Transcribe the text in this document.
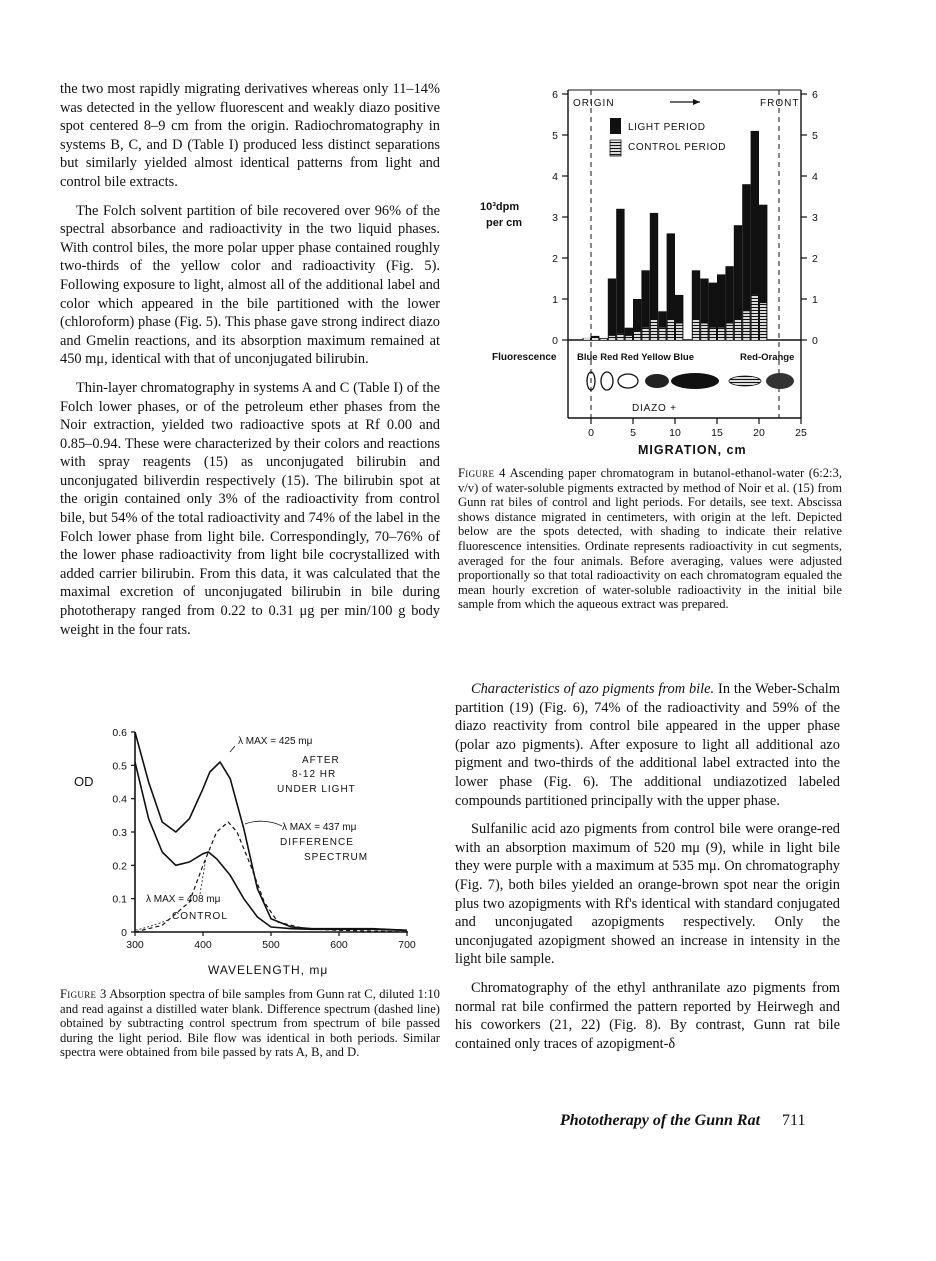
the two most rapidly migrating derivatives whereas only 11–14% was detected in the yellow fluorescent and weakly diazo positive spot centered 8–9 cm from the origin. Radiochromatography in systems B, C, and D (Table I) produced less distinct separations but similarly yielded almost identical patterns from light and control bile extracts.

The Folch solvent partition of bile recovered over 96% of the spectral absorbance and radioactivity in the two liquid phases. With control biles, the more polar upper phase contained roughly two-thirds of the yellow color and radioactivity (Fig. 5). Following exposure to light, almost all of the additional label and color which appeared in the bile partitioned with the lower (chloroform) phase (Fig. 5). This phase gave strong indirect diazo and Gmelin reactions, and its absorption maximum remained at 450 mμ, identical with that of unconjugated bilirubin.

Thin-layer chromatography in systems A and C (Table I) of the Folch lower phases, or of the petroleum ether phases from the Noir extraction, yielded two radioactive spots at Rf 0.00 and 0.85–0.94. These were characterized by their colors and reactions with spray reagents (15) as unconjugated bilirubin and unconjugated biliverdin respectively (15). The bilirubin spot at the origin contained only 3% of the radioactivity from control bile, but 54% of the total radioactivity and 74% of the label in the Folch lower phase from light bile. Correspondingly, 70–76% of the lower phase radioactivity from light bile cocrystallized with added carrier bilirubin. From this data, it was calculated that the maximal excretion of unconjugated bilirubin in bile during phototherapy ranged from 0.22 to 0.31 μg per min/100 g body weight in the four rats.

0
0.1
0.2
0.3
0.4
0.5
0.6
300	400	500	600	700
OD
WAVELENGTH, mμ
λ MAX = 425 mμ
AFTER
8-12 HR
UNDER LIGHT
λ MAX = 437 mμ
DIFFERENCE
SPECTRUM
λ MAX = 408 mμ
CONTROL
Figure 3 Absorption spectra of bile samples from Gunn rat C, diluted 1:10 and read against a distilled water blank. Difference spectrum (dashed line) obtained by subtracting control spectrum from spectrum of bile passed during the light period. Bile flow was identical in both periods. Similar spectra were obtained from bile passed by rats A, B, and D.
0	0
1	1
2	2
3	3
4	4
5	5
6	6
0	5	10	15	20	25
ORIGIN	FRONT
LIGHT PERIOD
CONTROL PERIOD
10³dpm
per cm
Fluorescence Blue Red Red Yellow Blue	Red-Orange
DIAZO +
MIGRATION, cm
Figure 4 Ascending paper chromatogram in butanol-ethanol-water (6:2:3, v/v) of water-soluble pigments extracted by method of Noir et al. (15) from Gunn rat biles of control and light periods. For details, see text. Abscissa shows distance migrated in centimeters, with origin at the left. Depicted below are the spots detected, with shading to indicate their relative fluorescence intensities. Ordinate represents radioactivity in cut segments, averaged for the four animals. Before averaging, values were adjusted proportionally so that total radioactivity on each chromatogram equaled the mean hourly excretion of water-soluble radioactivity in the initial bile sample from which the aqueous extract was prepared.

Characteristics of azo pigments from bile. In the Weber-Schalm partition (19) (Fig. 6), 74% of the radioactivity and 59% of the diazo reactivity from control bile appeared in the upper phase (polar azo pigments). After exposure to light all additional azo pigment and two-thirds of the additional label extracted into the lower phase (Fig. 6). The additional undiazotized labeled compounds partitioned principally with the upper phase.

Sulfanilic acid azo pigments from control bile were orange-red with an absorption maximum of 520 mμ (9), while in light bile they were purple with a maximum at 535 mμ. On chromatography (Fig. 7), both biles yielded an orange-brown spot near the origin plus two azopigments with Rf's identical with standard conjugated and unconjugated azopigments respectively. Only the unconjugated azopigment showed an increase in intensity in the light bile sample.

Chromatography of the ethyl anthranilate azo pigments from normal rat bile confirmed the pattern reported by Heirwegh and his coworkers (21, 22) (Fig. 8). By contrast, Gunn rat bile contained only traces of azopigment-δ

Phototherapy of the Gunn Rat 711
